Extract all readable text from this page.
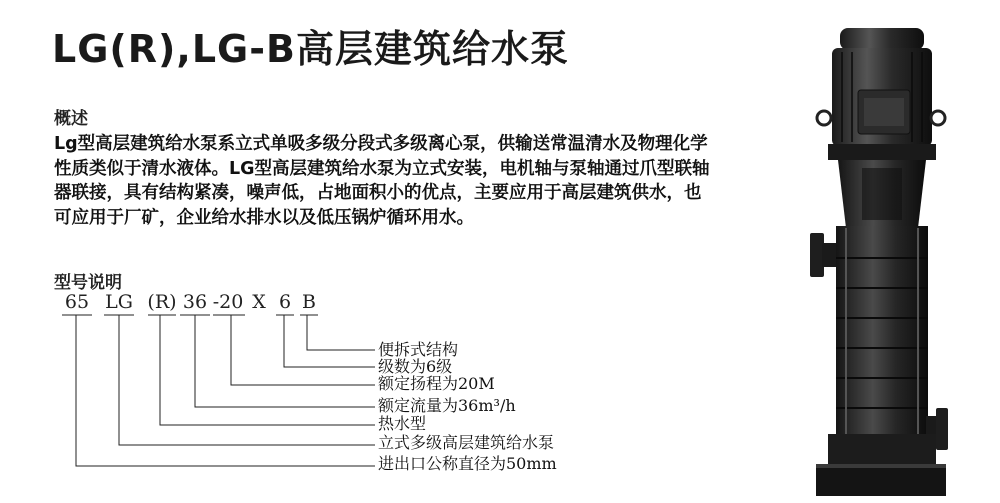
LG(R),LG-B高层建筑给水泵
概述

Lg型高层建筑给水泵系立式单吸多级分段式多级离心泵，供输送常温清水及物理化学
性质类似于清水液体。LG型高层建筑给水泵为立式安装，电机轴与泵轴通过爪型联轴
器联接，具有结构紧凑，噪声低，占地面积小的优点，主要应用于高层建筑供水，也
可应用于厂矿，企业给水排水以及低压锅炉循环用水。

型号说明
65 LG (R) 36 -20 X 6 B
便拆式结构
级数为6级
额定扬程为20M
额定流量为36m³/h
热水型
立式多级高层建筑给水泵
进出口公称直径为50mm
